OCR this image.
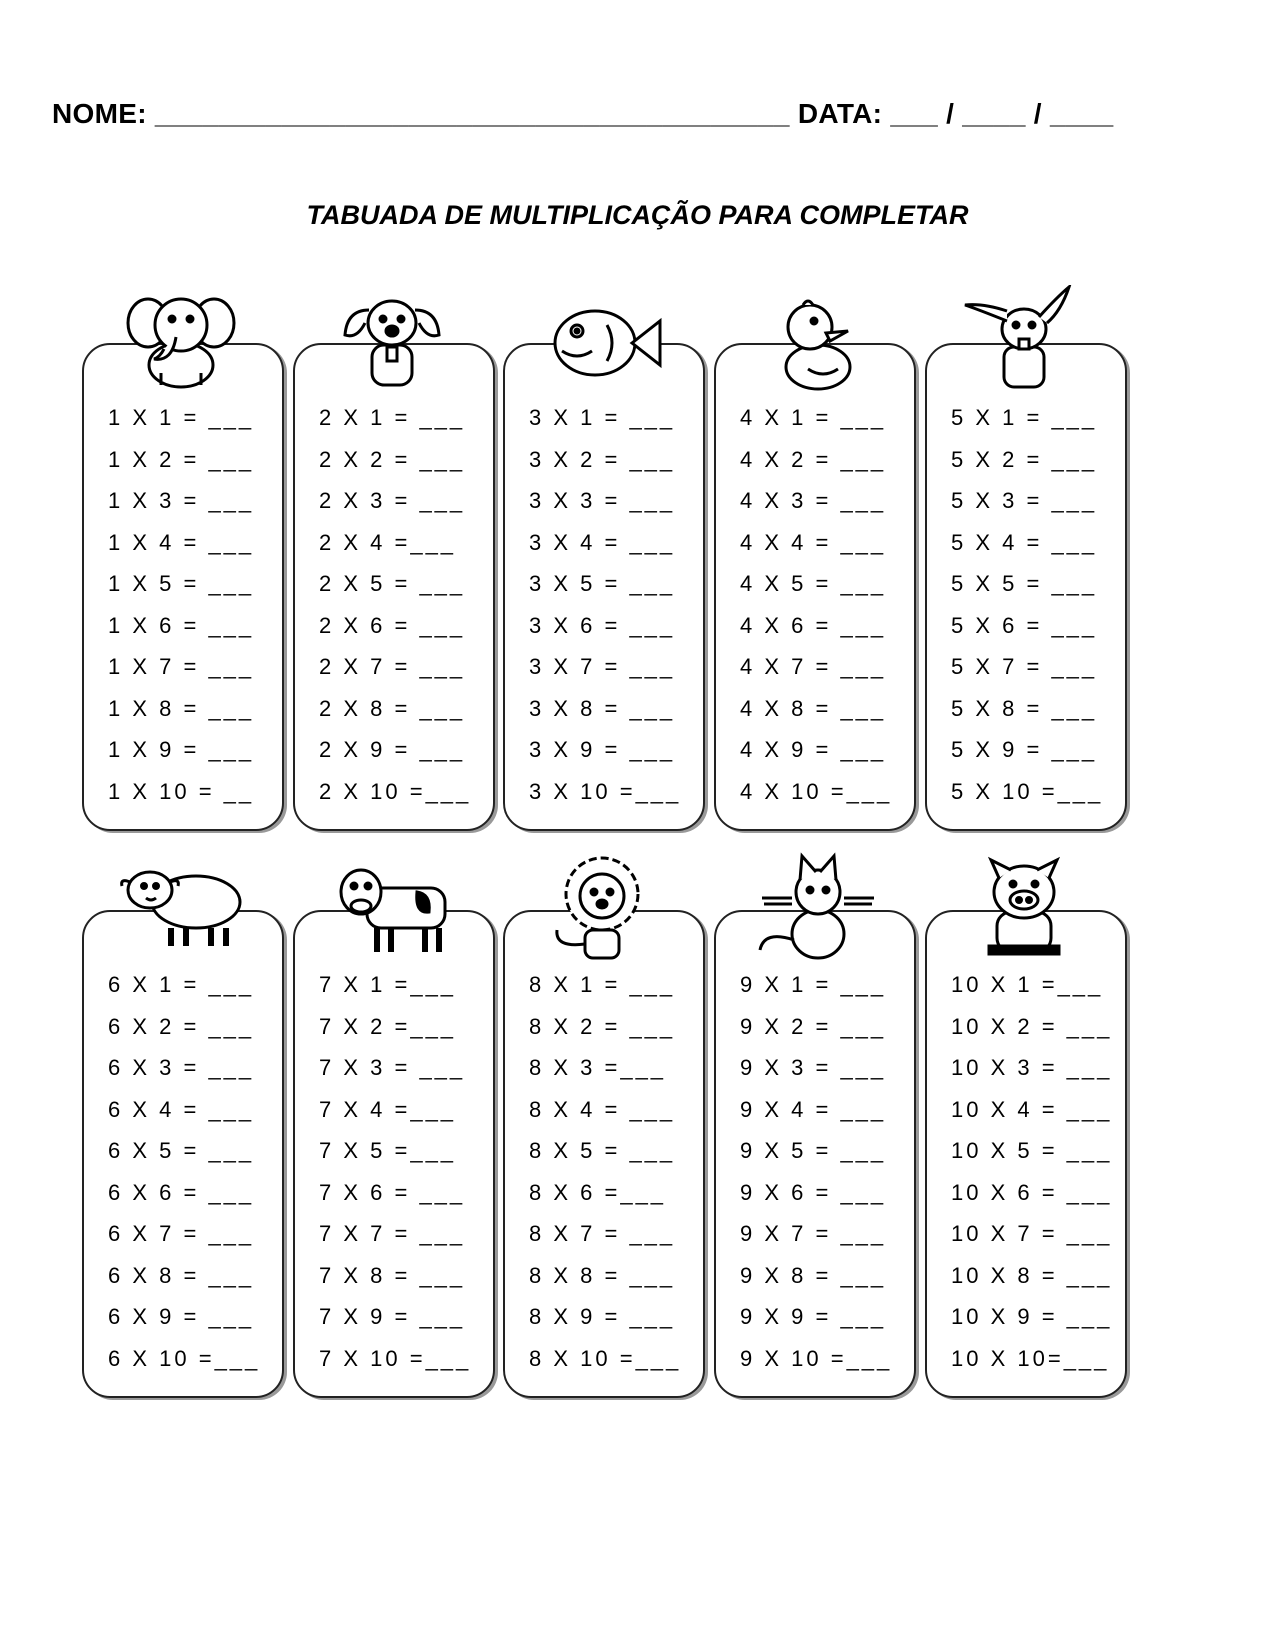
NOME: ________________________________________ DATA: ___ / ____ / ____
TABUADA DE MULTIPLICAÇÃO PARA COMPLETAR
1 X 1 = ___
1 X 2 = ___
1 X 3 = ___
1 X 4 = ___
1 X 5 = ___
1 X 6 = ___
1 X 7 = ___
1 X 8 = ___
1 X 9 = ___
1 X 10 = __
2 X 1 = ___
2 X 2 = ___
2 X 3 = ___
2 X 4 =___
2 X 5 = ___
2 X 6 = ___
2 X 7 = ___
2 X 8 = ___
2 X 9 = ___
2 X 10 =___
3 X 1 = ___
3 X 2 = ___
3 X 3 = ___
3 X 4 = ___
3 X 5 = ___
3 X 6 = ___
3 X 7 = ___
3 X 8 = ___
3 X 9 = ___
3 X 10 =___
4 X 1 = ___
4 X 2 = ___
4 X 3 = ___
4 X 4 = ___
4 X 5 = ___
4 X 6 = ___
4 X 7 = ___
4 X 8 = ___
4 X 9 = ___
4 X 10 =___
5 X 1 = ___
5 X 2 = ___
5 X 3 = ___
5 X 4 = ___
5 X 5 = ___
5 X 6 = ___
5 X 7 = ___
5 X 8 = ___
5 X 9 = ___
5 X 10 =___
6 X 1 = ___
6 X 2 = ___
6 X 3 = ___
6 X 4 = ___
6 X 5 = ___
6 X 6 = ___
6 X 7 = ___
6 X 8 = ___
6 X 9 = ___
6 X 10 =___
7 X 1 =___
7 X 2 =___
7 X 3 = ___
7 X 4 =___
7 X 5 =___
7 X 6 = ___
7 X 7 = ___
7 X 8 = ___
7 X 9 = ___
7 X 10 =___
8 X 1 = ___
8 X 2 = ___
8 X 3 =___
8 X 4 = ___
8 X 5 = ___
8 X 6 =___
8 X 7 = ___
8 X 8 = ___
8 X 9 = ___
8 X 10 =___
9 X 1 = ___
9 X 2 = ___
9 X 3 = ___
9 X 4 = ___
9 X 5 = ___
9 X 6 = ___
9 X 7 = ___
9 X 8 = ___
9 X 9 = ___
9 X 10 =___
10 X 1 =___
10 X 2 = ___
10 X 3 = ___
10 X 4 = ___
10 X 5 = ___
10 X 6 = ___
10 X 7 = ___
10 X 8 = ___
10 X 9 = ___
10 X 10=___
